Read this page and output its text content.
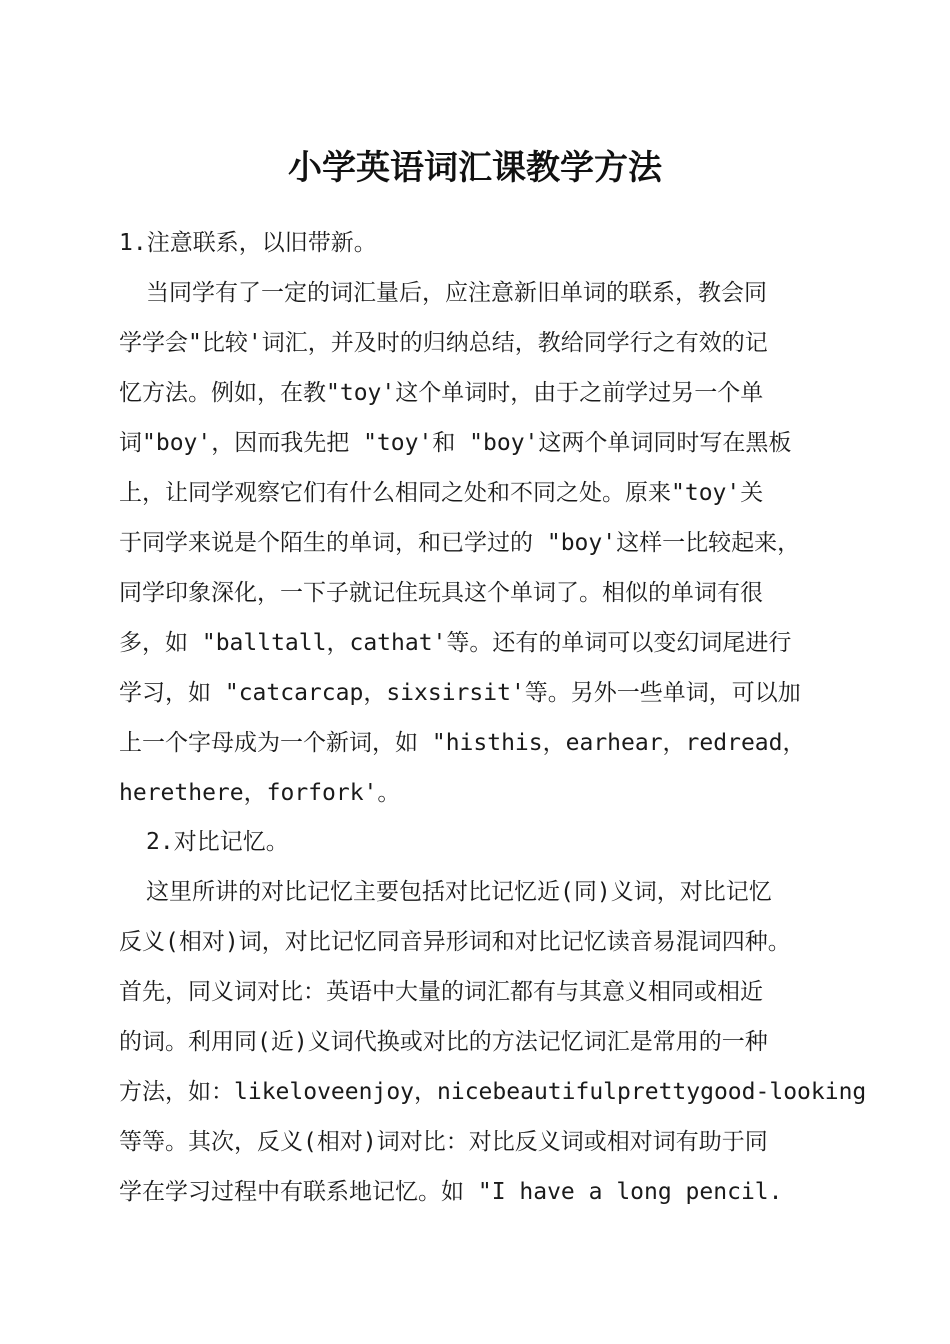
小学英语词汇课教学方法

1.注意联系，以旧带新。

当同学有了一定的词汇量后，应注意新旧单词的联系，教会同

学学会"比较'词汇，并及时的归纳总结，教给同学行之有效的记

忆方法。例如，在教"toy'这个单词时，由于之前学过另一个单

词"boy'，因而我先把 "toy'和 "boy'这两个单词同时写在黑板

上，让同学观察它们有什么相同之处和不同之处。原来"toy'关

于同学来说是个陌生的单词，和已学过的 "boy'这样一比较起来，

同学印象深化，一下子就记住玩具这个单词了。相似的单词有很

多，如 "balltall，cathat'等。还有的单词可以变幻词尾进行

学习，如 "catcarcap，sixsirsit'等。另外一些单词，可以加

上一个字母成为一个新词，如 "histhis，earhear，redread，

herethere，forfork'。

2.对比记忆。

这里所讲的对比记忆主要包括对比记忆近(同)义词，对比记忆

反义(相对)词，对比记忆同音异形词和对比记忆读音易混词四种。

首先，同义词对比：英语中大量的词汇都有与其意义相同或相近

的词。利用同(近)义词代换或对比的方法记忆词汇是常用的一种

方法，如：likeloveenjoy，nicebeautifulprettygood-looking

等等。其次，反义(相对)词对比：对比反义词或相对词有助于同

学在学习过程中有联系地记忆。如 "I have a long pencil.
